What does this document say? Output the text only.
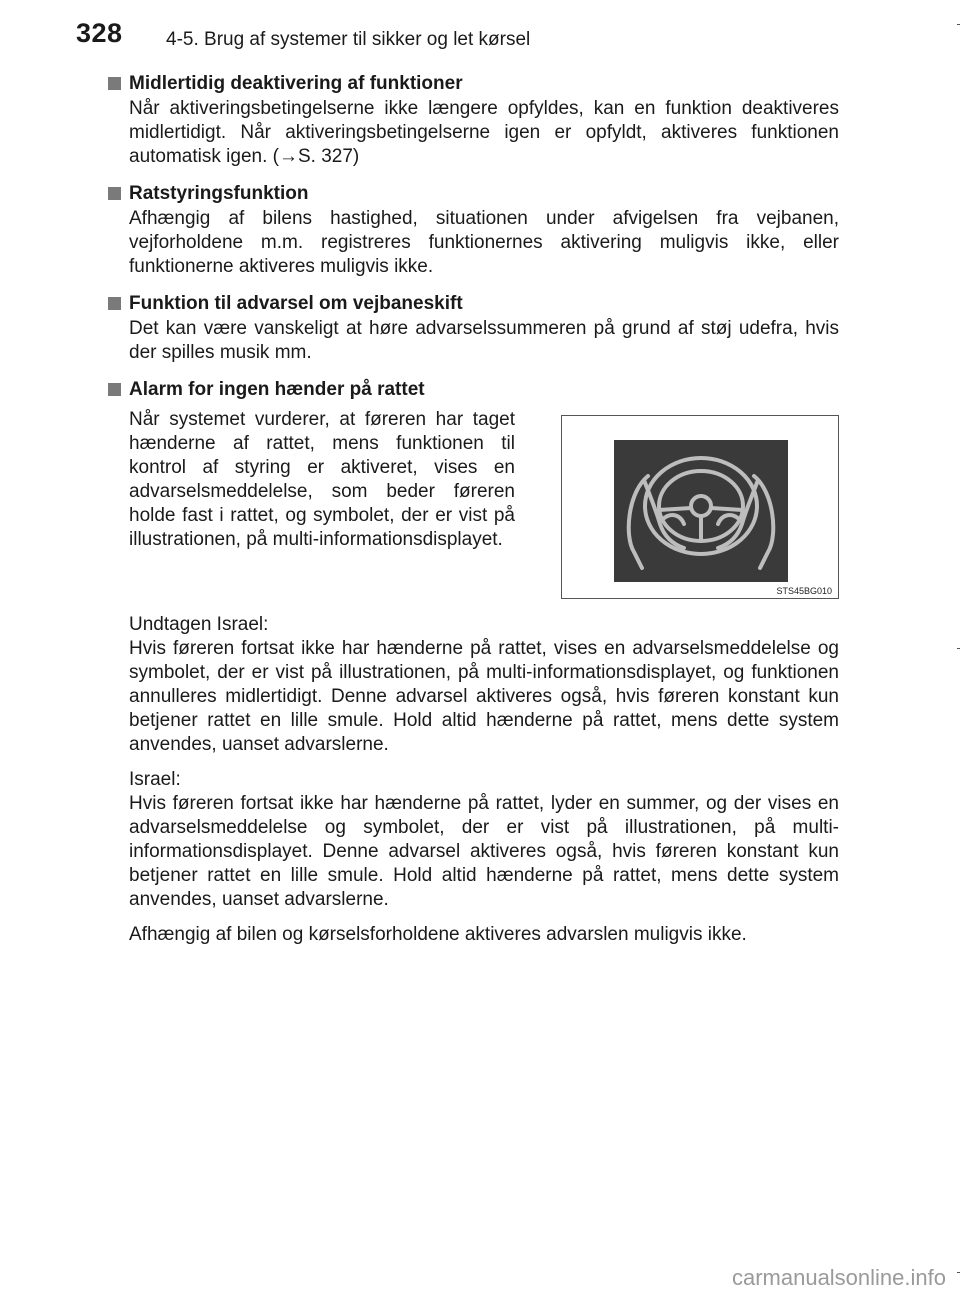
328 4-5. Brug af systemer til sikker og let kørsel
Midlertidig deaktivering af funktioner
Når aktiveringsbetingelserne ikke længere opfyldes, kan en funktion deaktiveres midlertidigt. Når aktiveringsbetingelserne igen er opfyldt, aktiveres funktionen automatisk igen. (→S. 327)
Ratstyringsfunktion
Afhængig af bilens hastighed, situationen under afvigelsen fra vejbanen, vejforholdene m.m. registreres funktionernes aktivering muligvis ikke, eller funktionerne aktiveres muligvis ikke.
Funktion til advarsel om vejbaneskift
Det kan være vanskeligt at høre advarselssummeren på grund af støj udefra, hvis der spilles musik mm.
Alarm for ingen hænder på rattet
Når systemet vurderer, at føreren har taget hænderne af rattet, mens funktionen til kontrol af styring er aktiveret, vises en advarselsmeddelelse, som beder føreren holde fast i rattet, og symbolet, der er vist på illustrationen, på multi-informationsdisplayet.
STS45BG010
Undtagen Israel:
Hvis føreren fortsat ikke har hænderne på rattet, vises en advarselsmeddelelse og symbolet, der er vist på illustrationen, på multi-informationsdisplayet, og funktionen annulleres midlertidigt. Denne advarsel aktiveres også, hvis føreren konstant kun betjener rattet en lille smule. Hold altid hænderne på rattet, mens dette system anvendes, uanset advarslerne.
Israel:
Hvis føreren fortsat ikke har hænderne på rattet, lyder en summer, og der vises en advarselsmeddelelse og symbolet, der er vist på illustrationen, på multi-informationsdisplayet. Denne advarsel aktiveres også, hvis føreren konstant kun betjener rattet en lille smule. Hold altid hænderne på rattet, mens dette system anvendes, uanset advarslerne.
Afhængig af bilen og kørselsforholdene aktiveres advarslen muligvis ikke.
carmanualsonline.info
